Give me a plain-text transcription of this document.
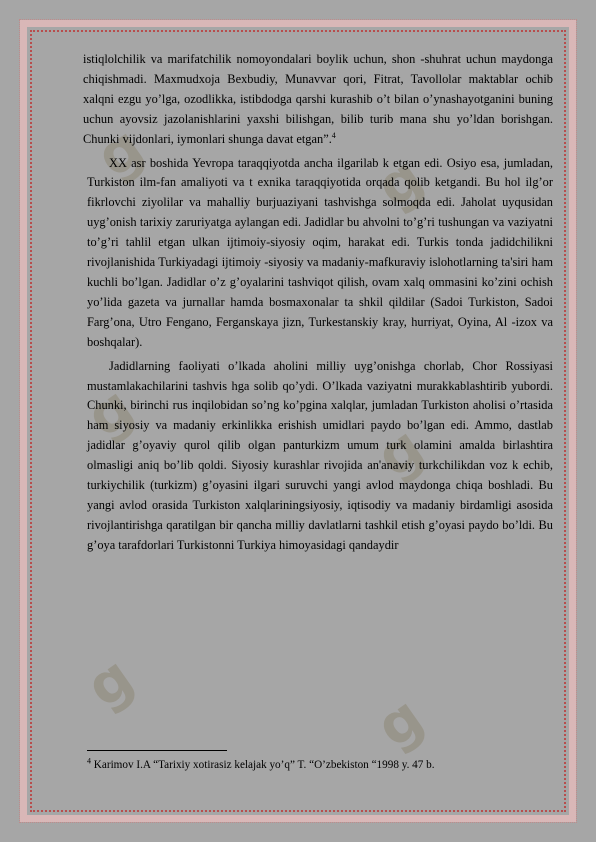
g	g
g
g
g
g

istiqlolchilik va marifatchilik nomoyondalari boylik uchun, shon -shuhrat uchun maydonga chiqishmadi. Maxmudxoja Bexbudiy, Munavvar qori, Fitrat, Tavollolar maktablar ochib xalqni ezgu yo’lga, ozodlikka, istibdodga qarshi kurashib o’t bilan o’ynashayotganini buning uchun ayovsiz jazolanishlarini yaxshi bilishgan, bilib turib mana shu yo’ldan borishgan. Chunki vijdonlari, iymonlari shunga davat etgan”.$^4$

XX asr boshida Yevropa taraqqiyotda ancha ilgarilab k etgan edi. Osiyo esa, jumladan, Turkiston ilm-fan amaliyoti va t exnika taraqqiyotida orqada qolib ketgandi. Bu hol ilg’or fikrlovchi ziyolilar va mahalliy burjuaziyani tashvishga solmoqda edi. Jaholat uyqusidan uyg’onish tarixiy zaruriyatga aylangan edi. Jadidlar bu ahvolni to’g’ri tushungan va vaziyatni to’g’ri tahlil etgan ulkan ijtimoiy-siyosiy oqim, harakat edi. Turkis tonda jadidchilikni rivojlanishida Turkiyadagi ijtimoiy -siyosiy va madaniy-mafkuraviy islohotlarning ta'siri ham kuchli bo’lgan. Jadidlar o’z g’oyalarini tashviqot qilish, ovam xalq ommasini ko’zini ochish yo’lida gazeta va jurnallar hamda bosmaxonalar ta shkil qildilar (Sadoi Turkiston, Sadoi Farg’ona, Utro Fengano, Ferganskaya jizn, Turkestanskiy kray, hurriyat, Oyina, Al -izox va boshqalar).

Jadidlarning faoliyati o’lkada aholini milliy uyg’onishga chorlab, Chor Rossiyasi mustamlakachilarini tashvis hga solib qo’ydi. O’lkada vaziyatni murakkablashtirib yubordi. Chunki, birinchi rus inqilobidan so’ng ko’pgina xalqlar, jumladan Turkiston aholisi o’rtasida ham siyosiy va madaniy erkinlikka erishish umidlari paydo bo’lgan edi. Ammo, dastlab jadidlar g’oyaviy qurol qilib olgan panturkizm umum turk olamini amalda birlashtira olmasligi aniq bo’lib qoldi. Siyosiy kurashlar rivojida an'anaviy turkchilikdan voz k echib, turkiychilik (turkizm) g’oyasini ilgari suruvchi yangi avlod maydonga chiqa boshladi. Bu yangi avlod orasida Turkiston xalqlariningsiyosiy, iqtisodiy va madaniy birdamligi asosida rivojlantirishga qaratilgan bir qancha milliy davlatlarni tashkil etish g’oyasi paydo bo’ldi. Bu g’oya tarafdorlari Turkistonni Turkiya himoyasidagi qandaydir

$^4$ Karimov I.A “Tarixiy xotirasiz kelajak yo’q” T. “O’zbekiston “1998 y. 47 b.
